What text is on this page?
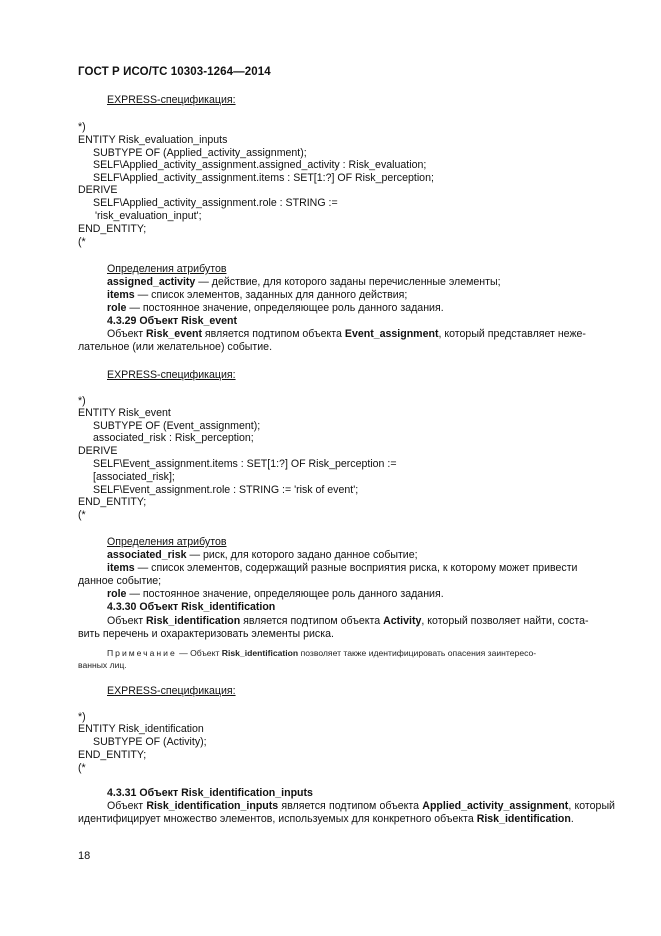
ГОСТ Р ИСО/ТС 10303-1264—2014
EXPRESS-спецификация:
*)
ENTITY Risk_evaluation_inputs
SUBTYPE OF (Applied_activity_assignment);
SELF\Applied_activity_assignment.assigned_activity : Risk_evaluation;
SELF\Applied_activity_assignment.items : SET[1:?] OF Risk_perception;
DERIVE
SELF\Applied_activity_assignment.role : STRING :=
'risk_evaluation_input';
END_ENTITY;
(*
Определения атрибутов
assigned_activity — действие, для которого заданы перечисленные элементы;
items — список элементов, заданных для данного действия;
role — постоянное значение, определяющее роль данного задания.
4.3.29 Объект Risk_event
Объект Risk_event является подтипом объекта Event_assignment, который представляет неже-
лательное (или желательное) событие.
EXPRESS-спецификация:
*)
ENTITY Risk_event
SUBTYPE OF (Event_assignment);
associated_risk : Risk_perception;
DERIVE
SELF\Event_assignment.items : SET[1:?] OF Risk_perception :=
[associated_risk];
SELF\Event_assignment.role : STRING := 'risk of event';
END_ENTITY;
(*
Определения атрибутов
associated_risk — риск, для которого задано данное событие;
items — список элементов, содержащий разные восприятия риска, к которому может привести
данное событие;
role — постоянное значение, определяющее роль данного задания.
4.3.30 Объект Risk_identification
Объект Risk_identification является подтипом объекта Activity, который позволяет найти, соста-
вить перечень и охарактеризовать элементы риска.
Примечание — Объект Risk_identification позволяет также идентифицировать опасения заинтересо-
ванных лиц.
EXPRESS-спецификация:
*)
ENTITY Risk_identification
SUBTYPE OF (Activity);
END_ENTITY;
(*
4.3.31 Объект Risk_identification_inputs
Объект Risk_identification_inputs является подтипом объекта Applied_activity_assignment, который идентифицирует множество элементов, используемых для конкретного объекта Risk_identification.
18
